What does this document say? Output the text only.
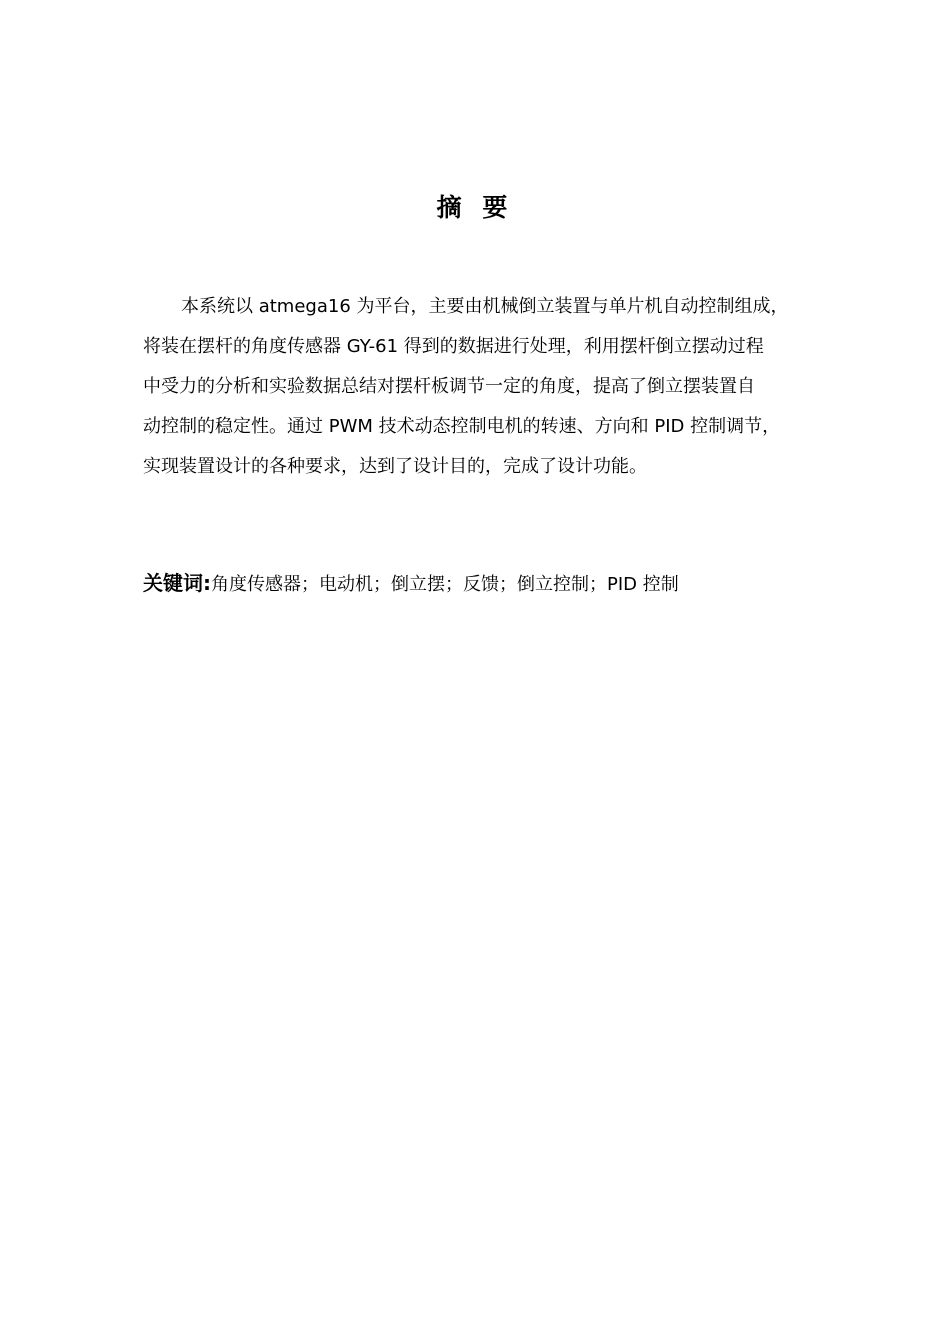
摘 要

本系统以 atmega16 为平台，主要由机械倒立装置与单片机自动控制组成，
将装在摆杆的角度传感器 GY-61 得到的数据进行处理，利用摆杆倒立摆动过程
中受力的分析和实验数据总结对摆杆板调节一定的角度，提高了倒立摆装置自
动控制的稳定性。通过 PWM 技术动态控制电机的转速、方向和 PID 控制调节，
实现装置设计的各种要求，达到了设计目的，完成了设计功能。

关键词:角度传感器；电动机；倒立摆；反馈；倒立控制；PID 控制
